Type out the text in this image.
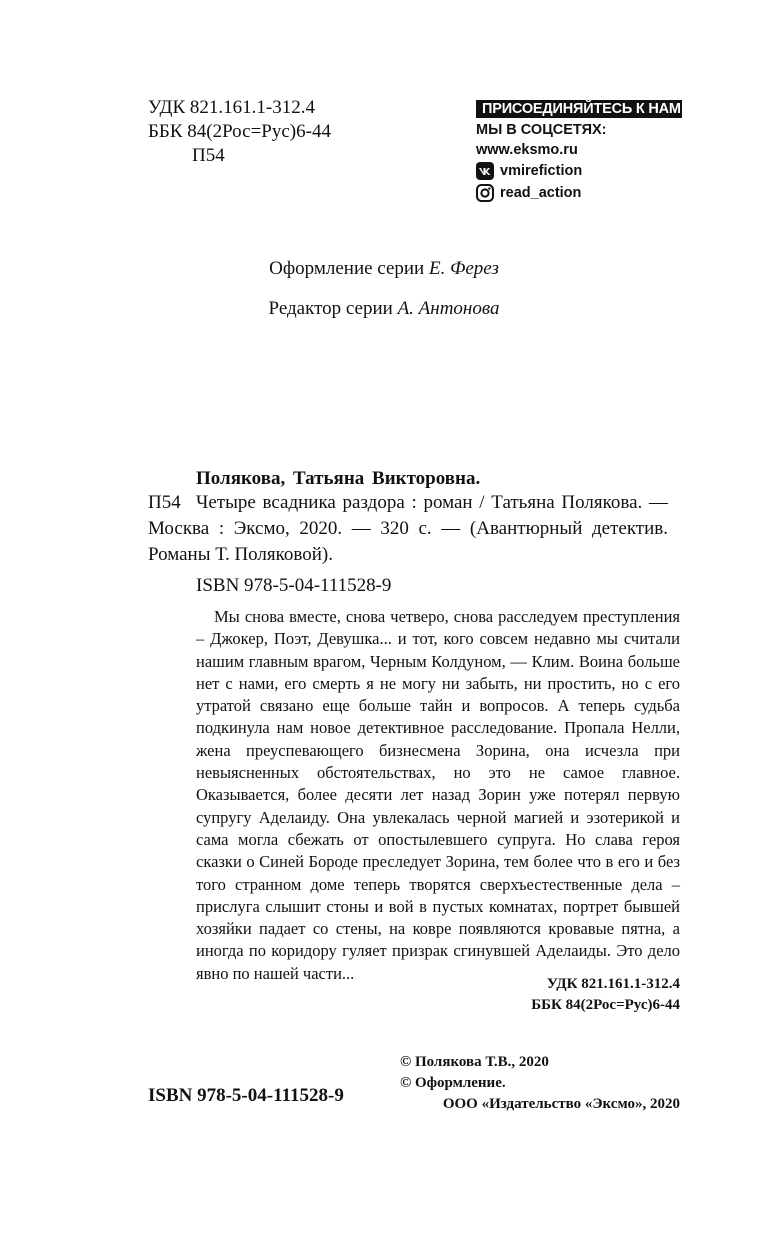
УДК 821.161.1-312.4
ББК 84(2Рос=Рус)6-44
П54
ПРИСОЕДИНЯЙТЕСЬ К НАМ!
МЫ В СОЦСЕТЯХ:
www.eksmo.ru
vmirefiction
read_action
Оформление серии Е. Ферез
Редактор серии А. Антонова
Полякова, Татьяна Викторовна.
П54 Четыре всадника раздора : роман / Татьяна Полякова. — Москва : Эксмо, 2020. — 320 с. — (Авантюрный детектив. Романы Т. Поляковой).
ISBN 978-5-04-111528-9
Мы снова вместе, снова четверо, снова расследуем преступления – Джокер, Поэт, Девушка... и тот, кого совсем недавно мы считали нашим главным врагом, Черным Колдуном, — Клим. Воина больше нет с нами, его смерть я не могу ни забыть, ни простить, но с его утратой связано еще больше тайн и вопросов. А теперь судьба подкинула нам новое детективное расследование. Пропала Нелли, жена преуспевающего бизнесмена Зорина, она исчезла при невыясненных обстоятельствах, но это не самое главное. Оказывается, более десяти лет назад Зорин уже потерял первую супругу Аделаиду. Она увлекалась черной магией и эзотерикой и сама могла сбежать от опостылевшего супруга. Но слава героя сказки о Синей Бороде преследует Зорина, тем более что в его и без того странном доме теперь творятся сверхъестественные дела – прислуга слышит стоны и вой в пустых комнатах, портрет бывшей хозяйки падает со стены, на ковре появляются кровавые пятна, а иногда по коридору гуляет призрак сгинувшей Аделаиды. Это дело явно по нашей части...
УДК 821.161.1-312.4
ББК 84(2Рос=Рус)6-44
© Полякова Т.В., 2020
© Оформление.
ООО «Издательство «Эксмо», 2020
ISBN 978-5-04-111528-9
